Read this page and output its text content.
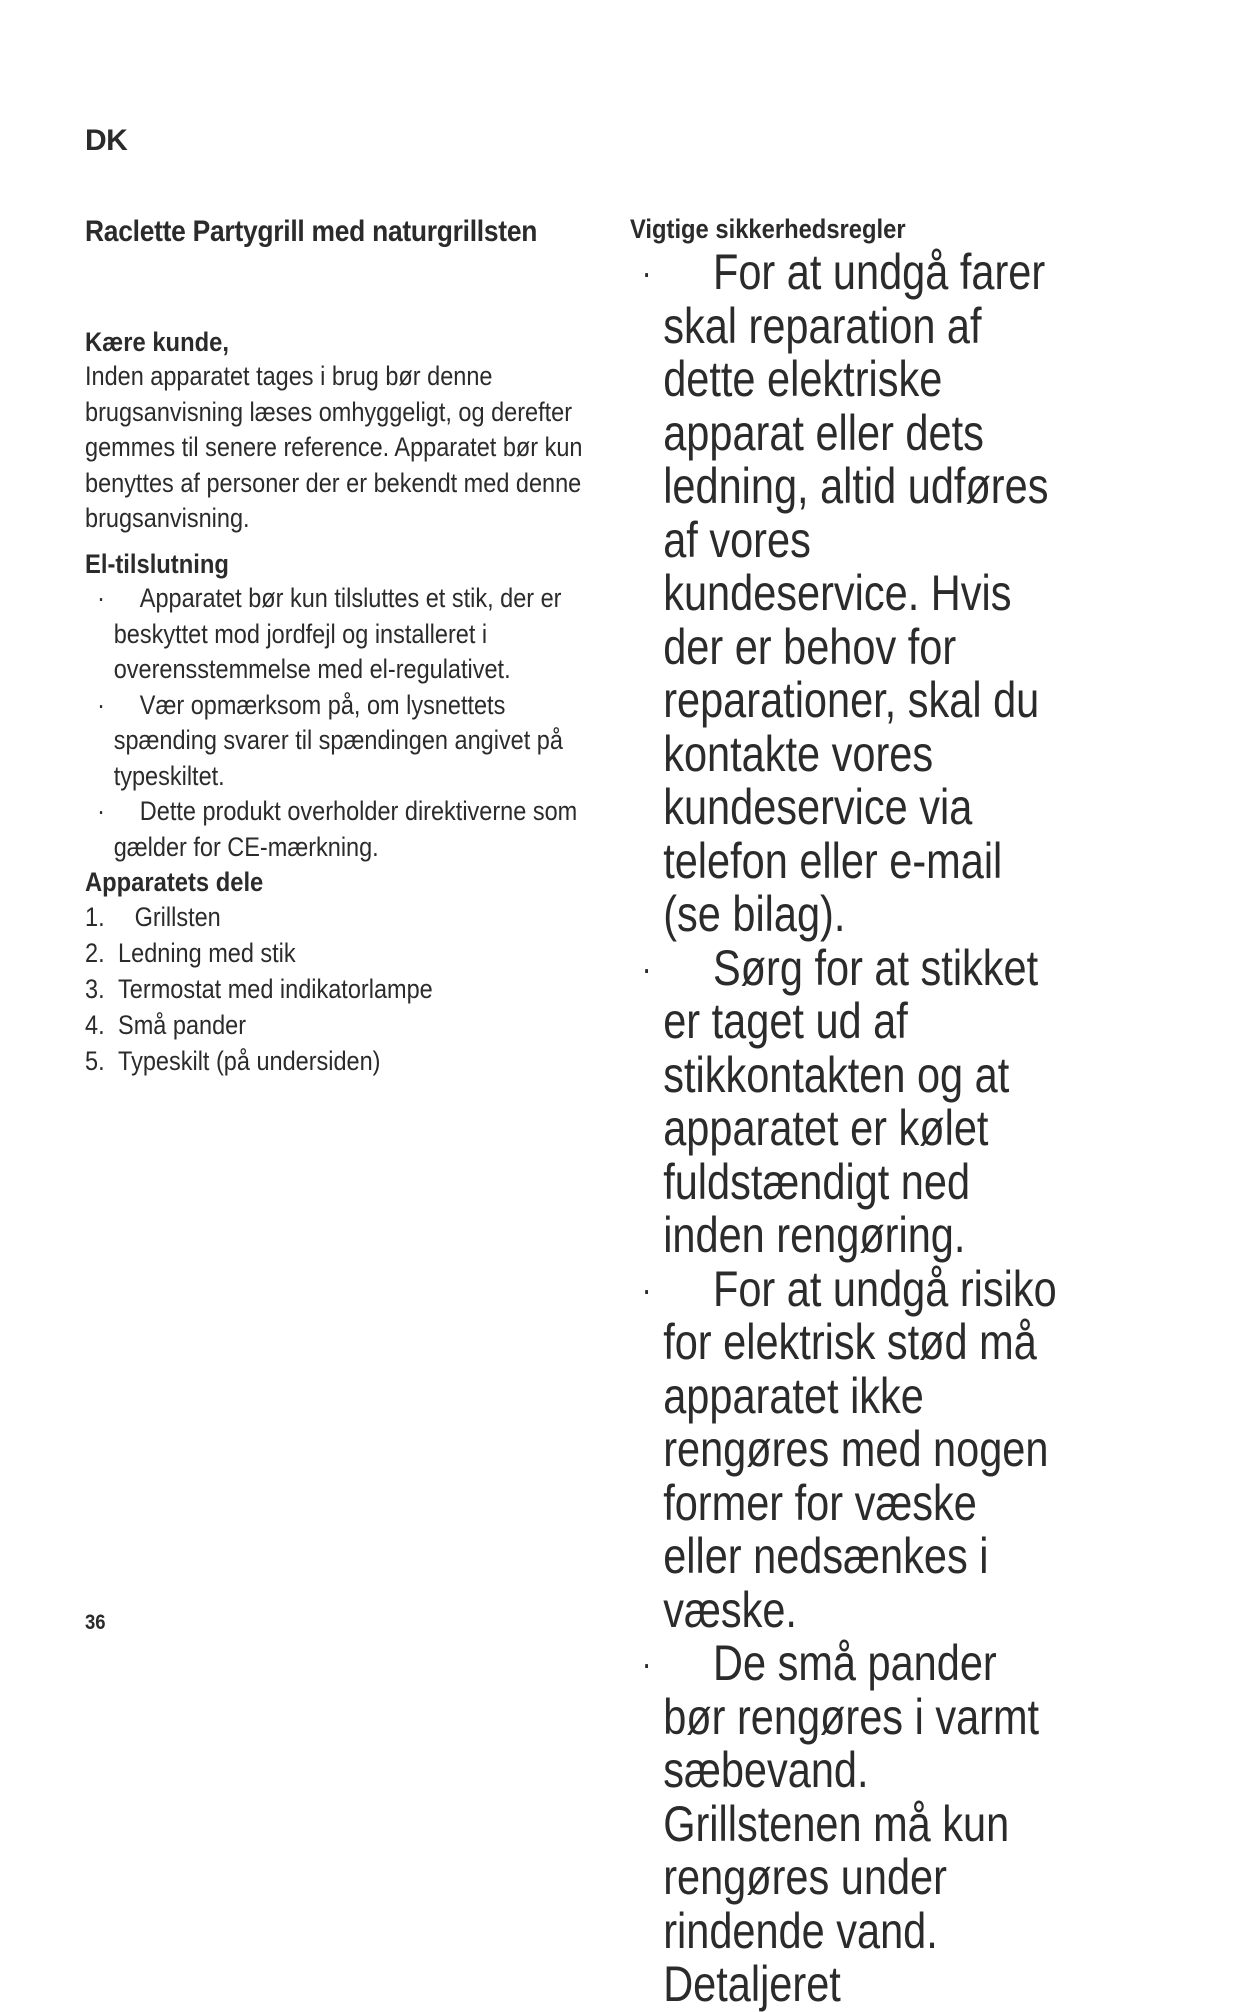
DK
Raclette Partygrill med naturgrillsten
Kære kunde,
Inden apparatet tages i brug bør denne brugsanvisning læses omhyggeligt, og derefter gemmes til senere reference. Apparatet bør kun benyttes af personer der er bekendt med denne brugsanvisning.
El-tilslutning
· Apparatet bør kun tilsluttes et stik, der er beskyttet mod jordfejl og installeret i overensstemmelse med el-regulativet.
· Vær opmærksom på, om lysnettets spænding svarer til spændingen angivet på typeskiltet.
· Dette produkt overholder direktiverne som gælder for CE-mærkning.
Apparatets dele
1. Grillsten
2. Ledning med stik
3. Termostat med indikatorlampe
4. Små pander
5. Typeskilt (på undersiden)
Vigtige sikkerhedsregler
· For at undgå farer skal reparation af dette elektriske apparat eller dets ledning, altid udføres af vores kundeservice. Hvis der er behov for reparationer, skal du kontakte vores kundeservice via telefon eller e-mail (se bilag).
· Sørg for at stikket er taget ud af stikkontakten og at apparatet er kølet fuldstændigt ned inden rengøring.
· For at undgå risiko for elektrisk stød må apparatet ikke rengøres med nogen former for væske eller nedsænkes i væske.
· De små pander bør rengøres i varmt sæbevand. Grillstenen må kun rengøres under rindende vand. Detaljeret
36
